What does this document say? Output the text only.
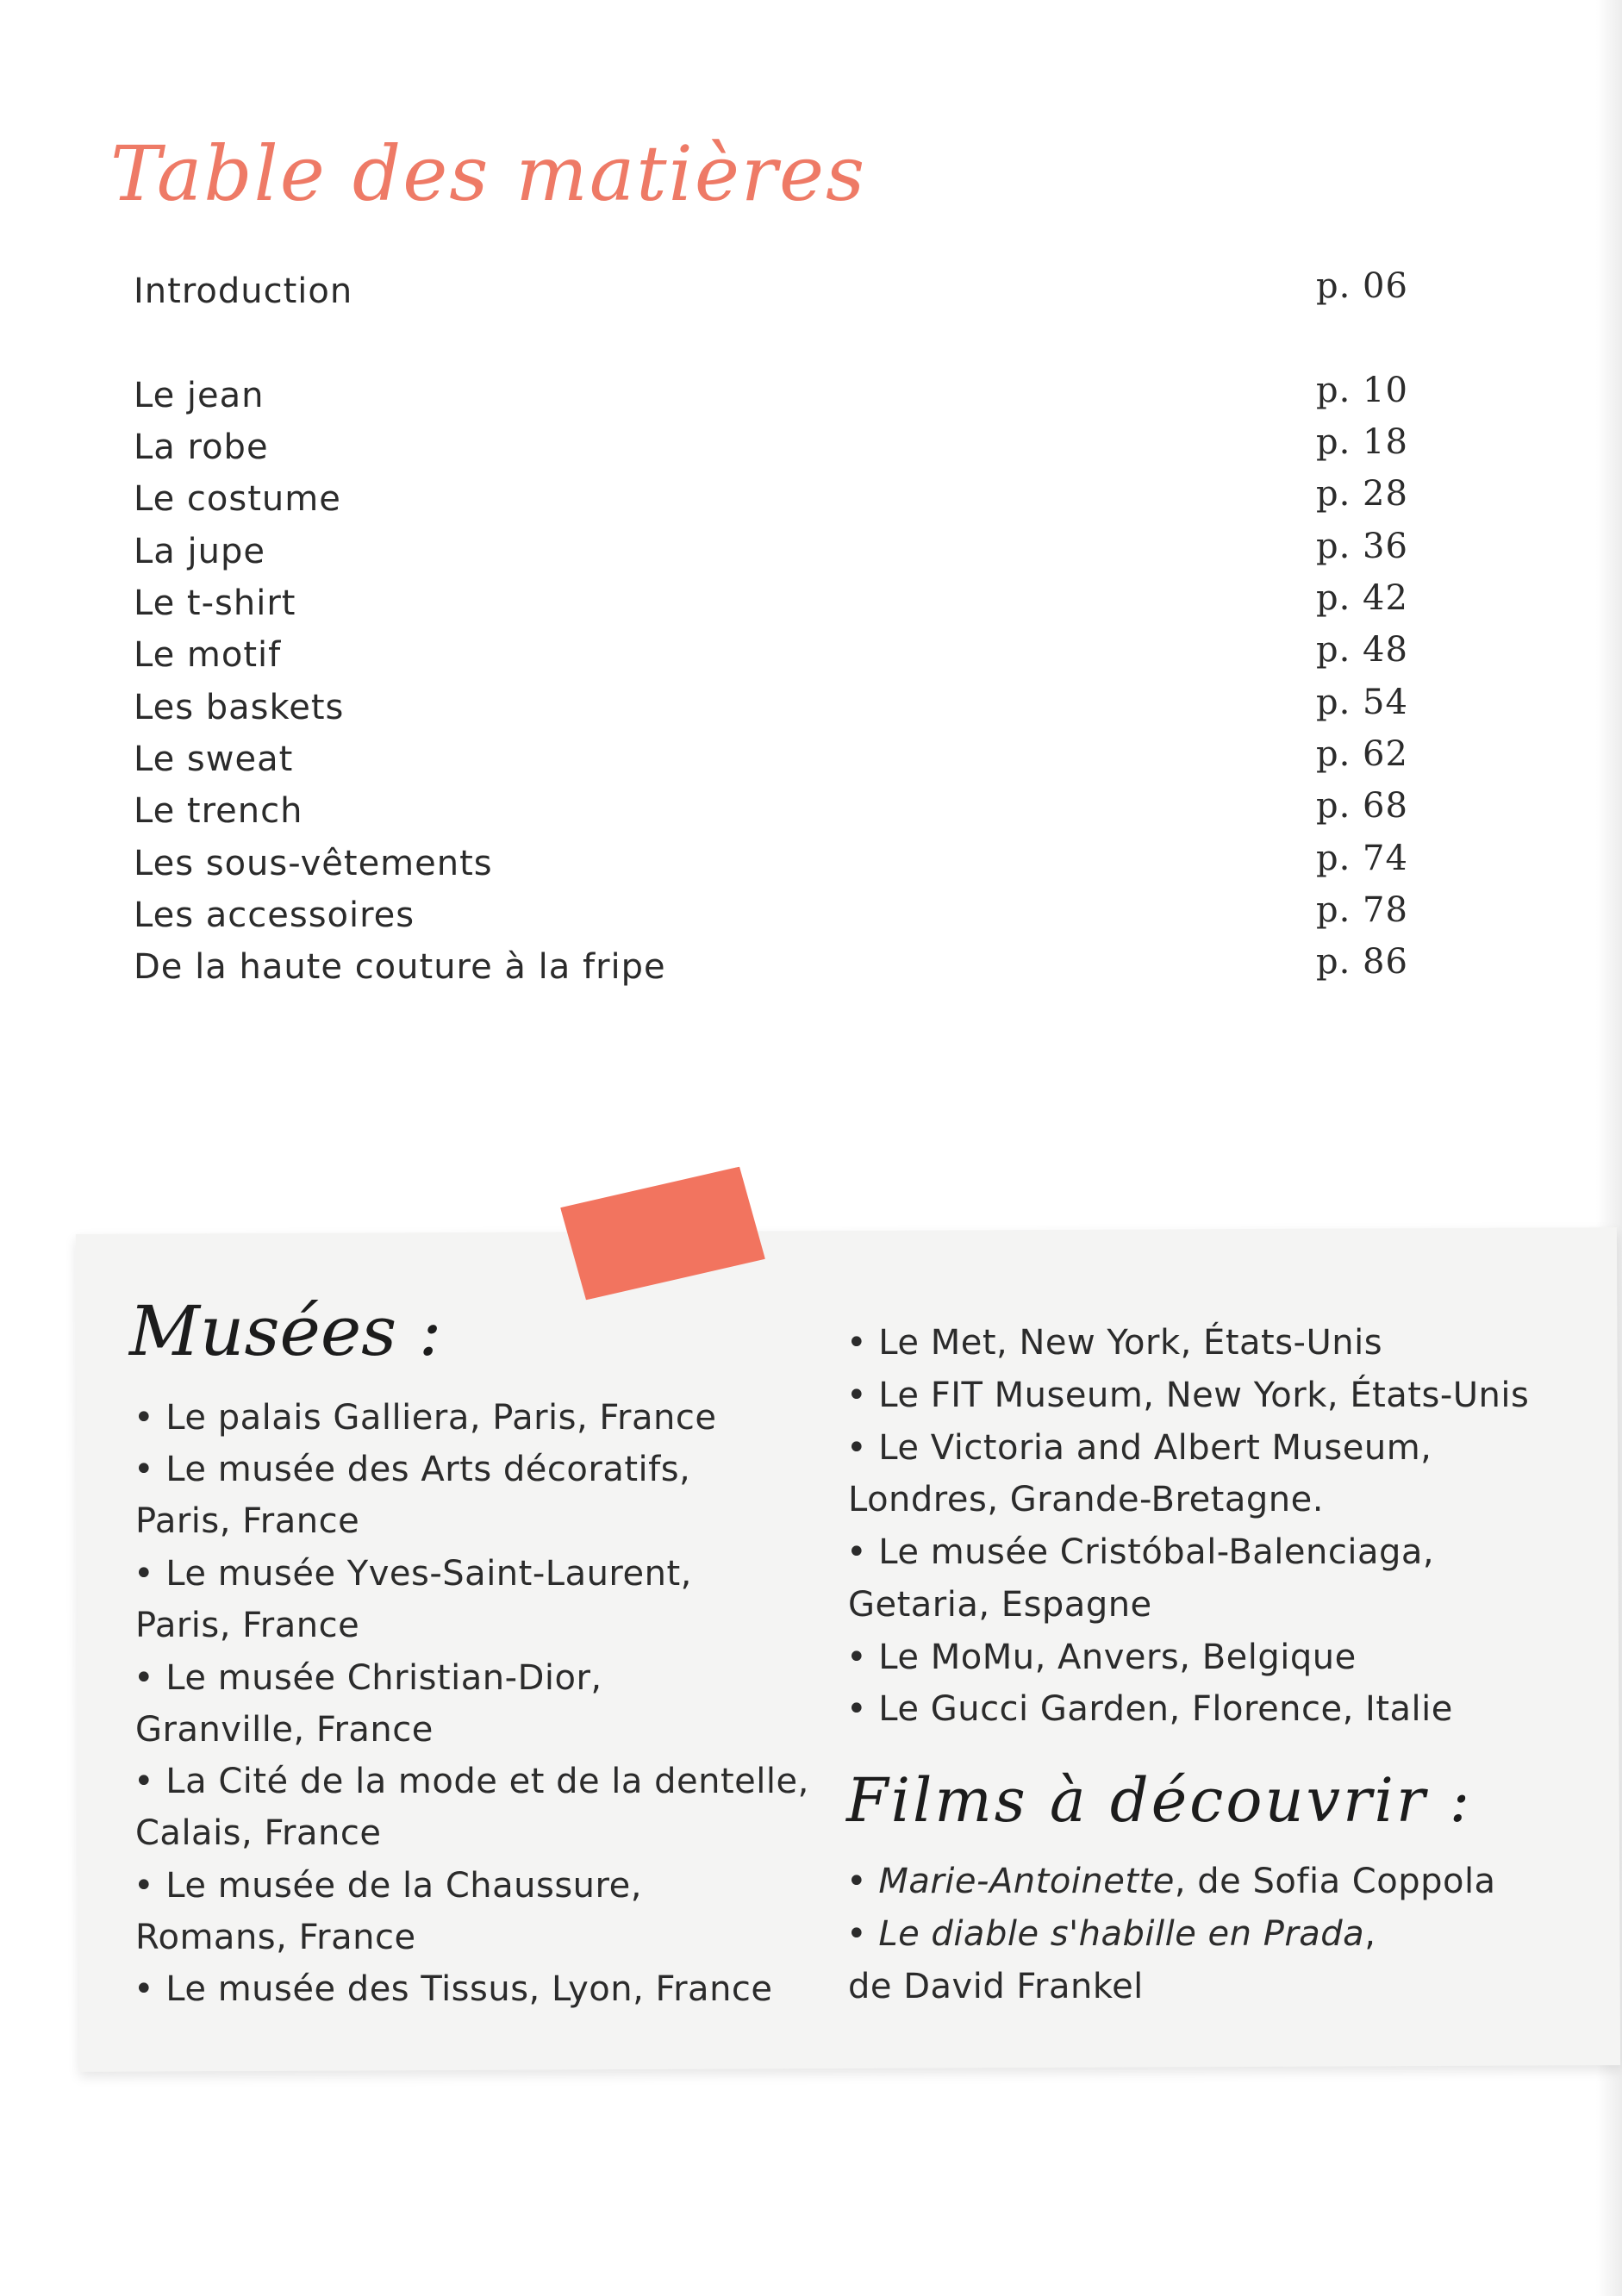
Table des matières
Introduction	p. 06
Le jean	p. 10
La robe	p. 18
Le costume	p. 28
La jupe	p. 36
Le t-shirt	p. 42
Le motif	p. 48
Les baskets	p. 54
Le sweat	p. 62
Le trench	p. 68
Les sous-vêtements	p. 74
Les accessoires	p. 78
De la haute couture à la fripe	p. 86
Musées :
• Le palais Galliera, Paris, France
• Le musée des Arts décoratifs,
Paris, France
• Le musée Yves-Saint-Laurent,
Paris, France
• Le musée Christian-Dior,
Granville, France
• La Cité de la mode et de la dentelle,
Calais, France
• Le musée de la Chaussure,
Romans, France
• Le musée des Tissus, Lyon, France
• Le Met, New York, États-Unis
• Le FIT Museum, New York, États-Unis
• Le Victoria and Albert Museum,
Londres, Grande-Bretagne.
• Le musée Cristóbal-Balenciaga,
Getaria, Espagne
• Le MoMu, Anvers, Belgique
• Le Gucci Garden, Florence, Italie
Films à découvrir :
• Marie-Antoinette, de Sofia Coppola
• Le diable s'habille en Prada,
de David Frankel
